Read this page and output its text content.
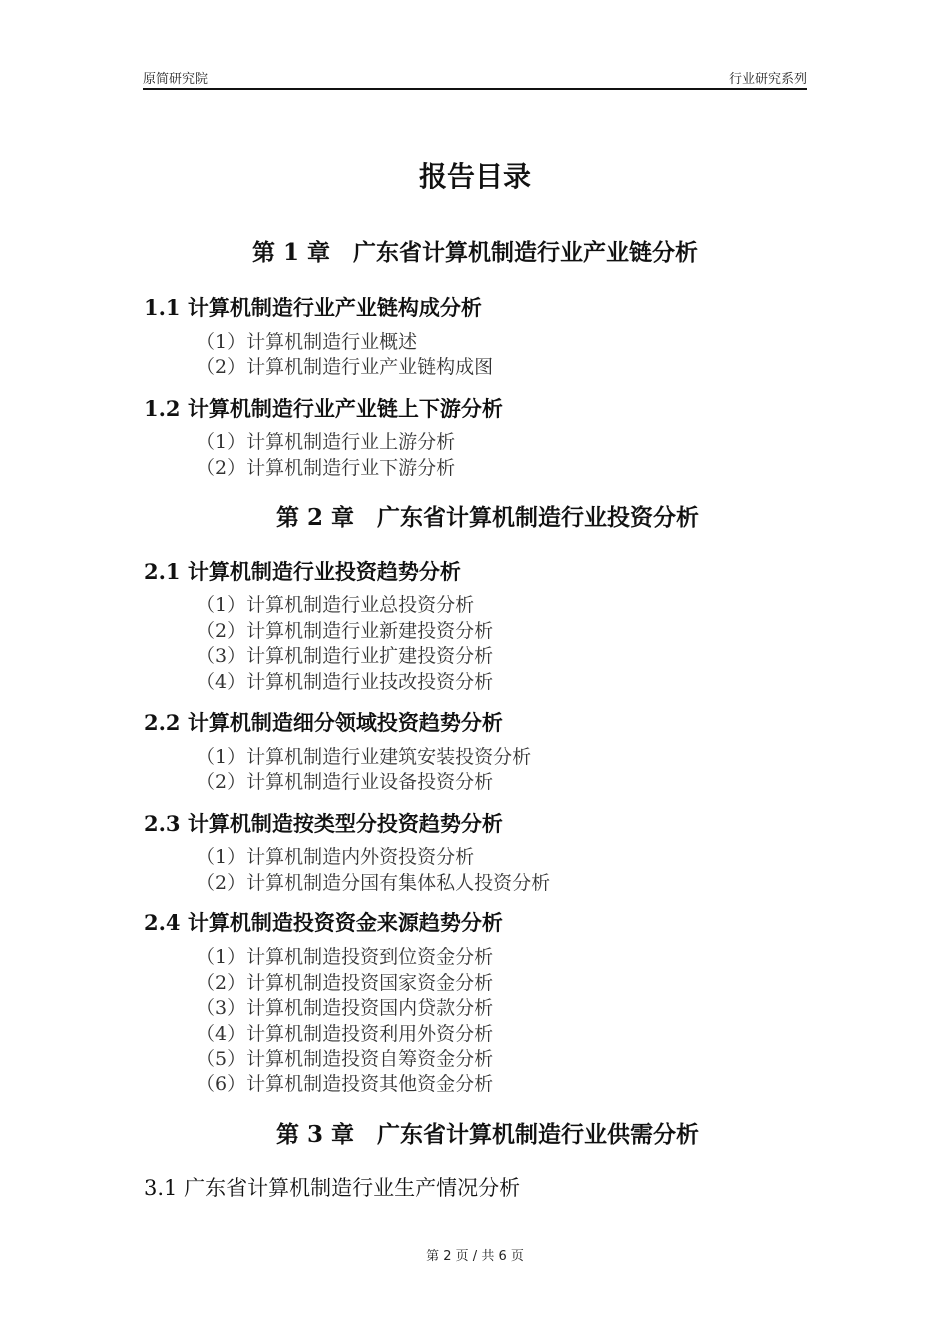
原简研究院	行业研究系列
报告目录
第 1 章　广东省计算机制造行业产业链分析
1.1 计算机制造行业产业链构成分析
（1）计算机制造行业概述
（2）计算机制造行业产业链构成图
1.2 计算机制造行业产业链上下游分析
（1）计算机制造行业上游分析
（2）计算机制造行业下游分析
第 2 章　广东省计算机制造行业投资分析
2.1 计算机制造行业投资趋势分析
（1）计算机制造行业总投资分析
（2）计算机制造行业新建投资分析
（3）计算机制造行业扩建投资分析
（4）计算机制造行业技改投资分析
2.2 计算机制造细分领域投资趋势分析
（1）计算机制造行业建筑安装投资分析
（2）计算机制造行业设备投资分析
2.3 计算机制造按类型分投资趋势分析
（1）计算机制造内外资投资分析
（2）计算机制造分国有集体私人投资分析
2.4 计算机制造投资资金来源趋势分析
（1）计算机制造投资到位资金分析
（2）计算机制造投资国家资金分析
（3）计算机制造投资国内贷款分析
（4）计算机制造投资利用外资分析
（5）计算机制造投资自筹资金分析
（6）计算机制造投资其他资金分析
第 3 章　广东省计算机制造行业供需分析
3.1 广东省计算机制造行业生产情况分析
第 2 页 / 共 6 页
